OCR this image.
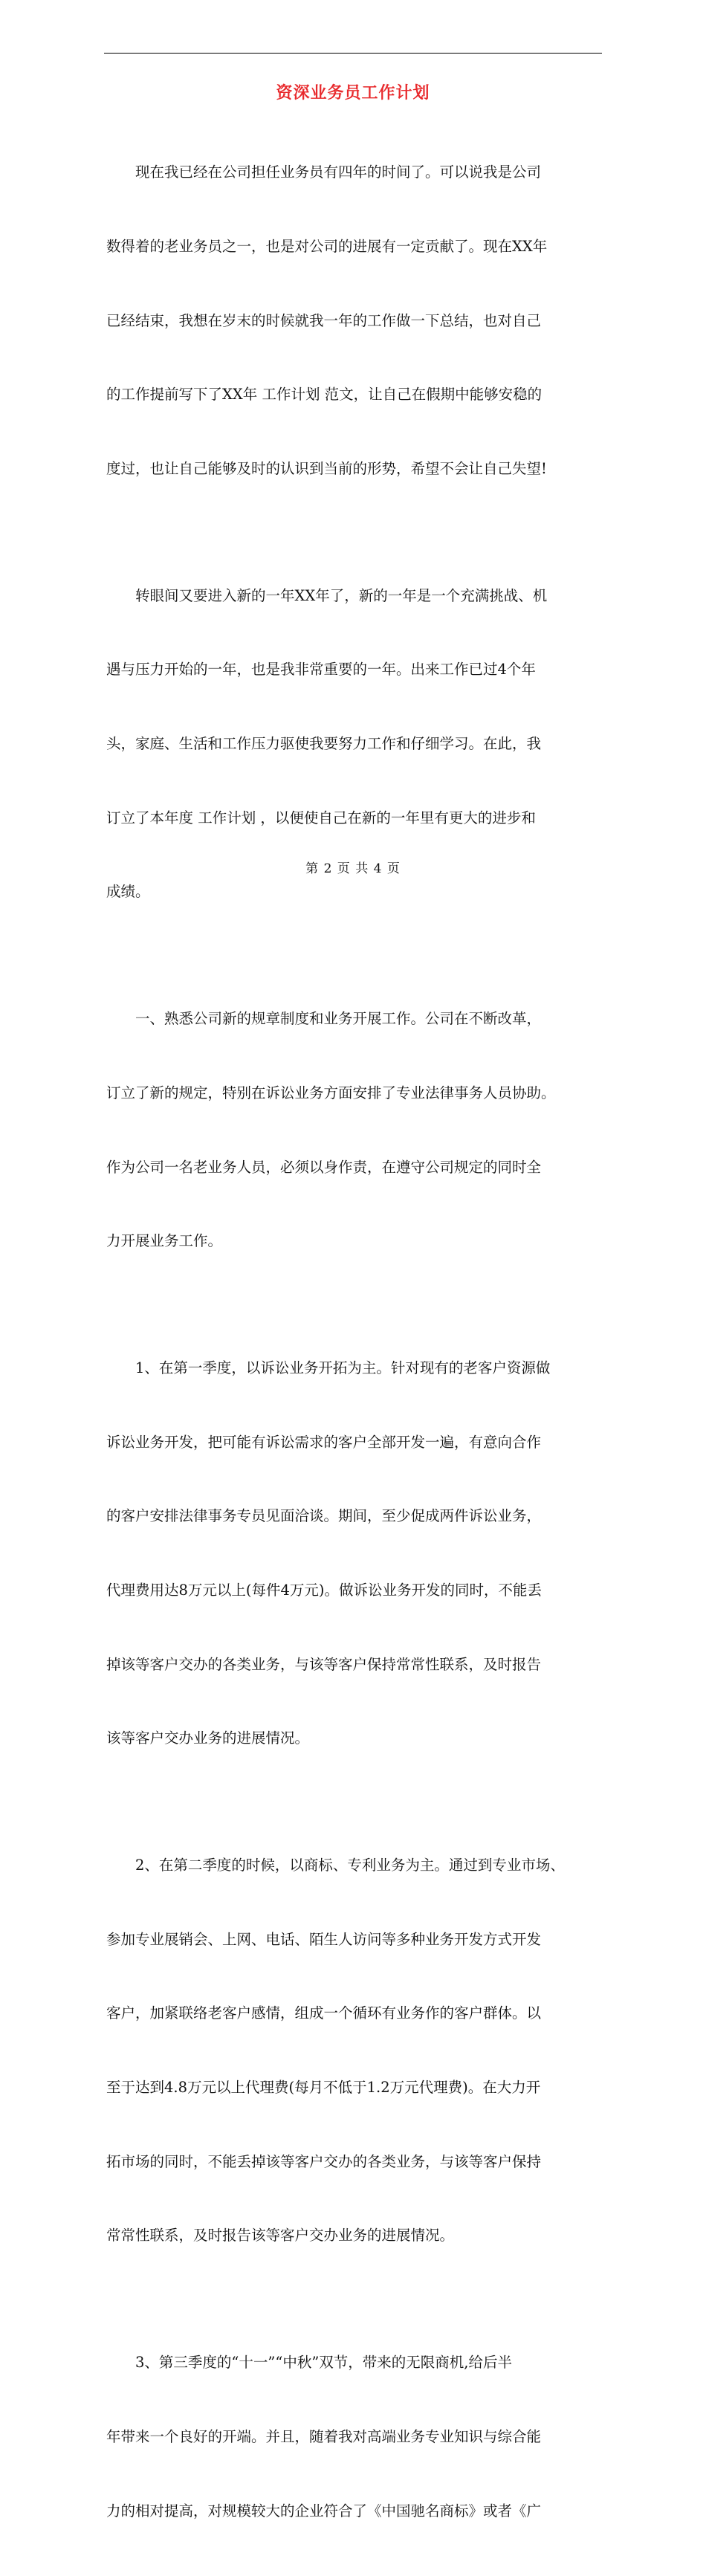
资深业务员工作计划

现在我已经在公司担任业务员有四年的时间了。可以说我是公司

数得着的老业务员之一，也是对公司的进展有一定贡献了。现在XX年

已经结束，我想在岁末的时候就我一年的工作做一下总结，也对自己

的工作提前写下了XX年 工作计划 范文，让自己在假期中能够安稳的

度过，也让自己能够及时的认识到当前的形势，希望不会让自己失望!

转眼间又要进入新的一年XX年了，新的一年是一个充满挑战、机

遇与压力开始的一年，也是我非常重要的一年。出来工作已过4个年

头，家庭、生活和工作压力驱使我要努力工作和仔细学习。在此，我

订立了本年度 工作计划 ，以便使自己在新的一年里有更大的进步和

成绩。

一、熟悉公司新的规章制度和业务开展工作。公司在不断改革，

订立了新的规定，特别在诉讼业务方面安排了专业法律事务人员协助。

作为公司一名老业务人员，必须以身作责，在遵守公司规定的同时全

力开展业务工作。

1、在第一季度，以诉讼业务开拓为主。针对现有的老客户资源做

诉讼业务开发，把可能有诉讼需求的客户全部开发一遍，有意向合作

的客户安排法律事务专员见面洽谈。期间，至少促成两件诉讼业务，

代理费用达8万元以上(每件4万元)。做诉讼业务开发的同时，不能丢

掉该等客户交办的各类业务，与该等客户保持常常性联系，及时报告

该等客户交办业务的进展情况。

2、在第二季度的时候，以商标、专利业务为主。通过到专业市场、

参加专业展销会、上网、电话、陌生人访问等多种业务开发方式开发

客户，加紧联络老客户感情，组成一个循环有业务作的客户群体。以

至于达到4.8万元以上代理费(每月不低于1.2万元代理费)。在大力开

拓市场的同时，不能丢掉该等客户交办的各类业务，与该等客户保持

常常性联系，及时报告该等客户交办业务的进展情况。

3、第三季度的“十一”“中秋”双节，带来的无限商机,给后半

年带来一个良好的开端。并且，随着我对高端业务专业知识与综合能

力的相对提高，对规模较大的企业符合了《中国驰名商标》或者《广

第 2 页 共 4 页
